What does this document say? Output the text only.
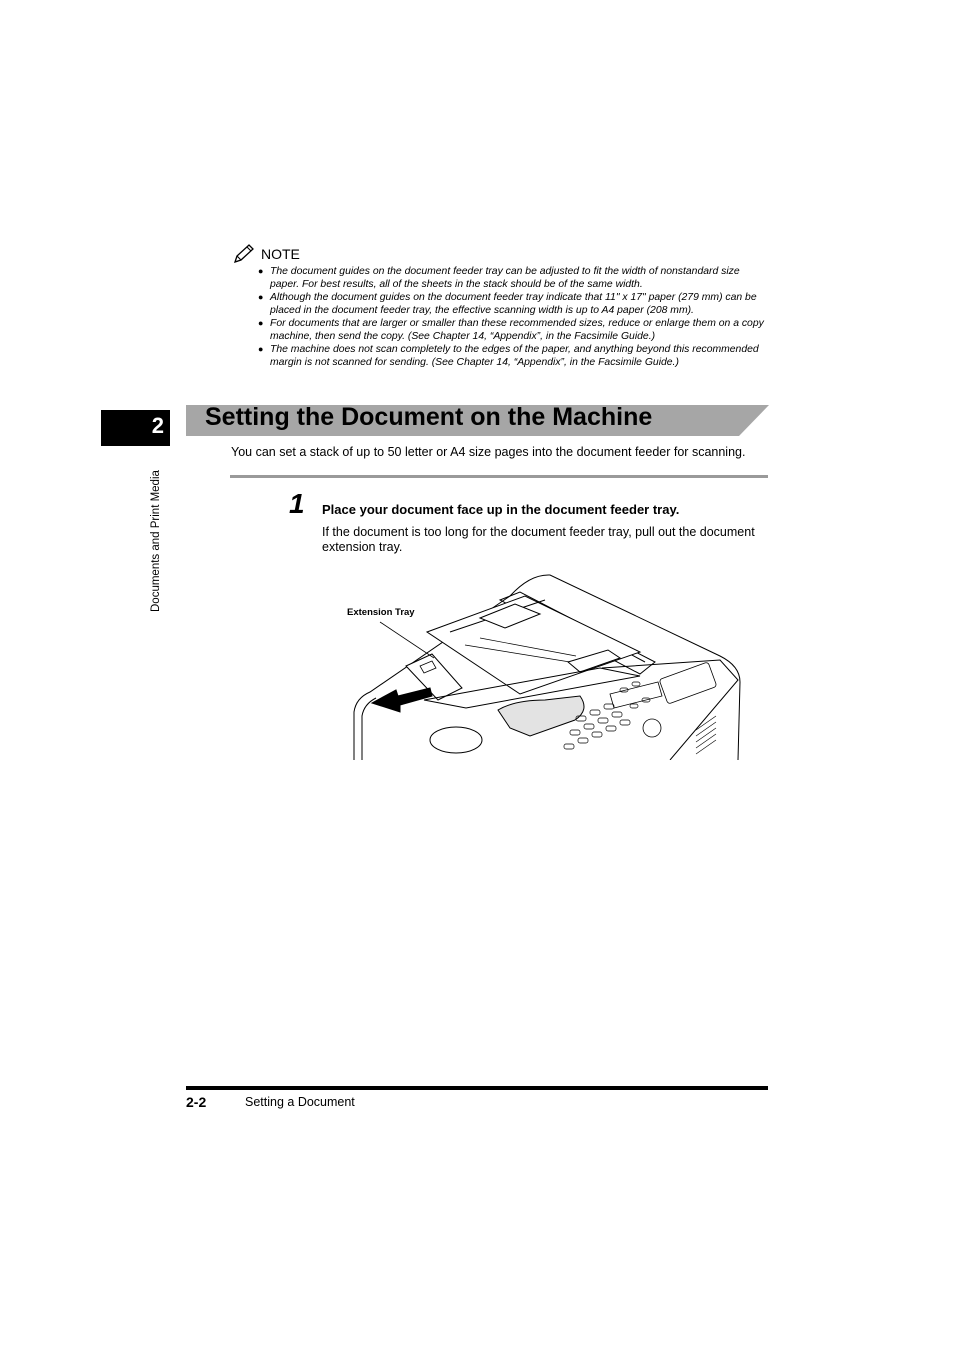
NOTE
● The document guides on the document feeder tray can be adjusted to fit the width of nonstandard size paper. For best results, all of the sheets in the stack should be of the same width.
● Although the document guides on the document feeder tray indicate that 11" x 17" paper (279 mm) can be placed in the document feeder tray, the effective scanning width is up to A4 paper (208 mm).
● For documents that are larger or smaller than these recommended sizes, reduce or enlarge them on a copy machine, then send the copy. (See Chapter 14, “Appendix”, in the Facsimile Guide.)
● The machine does not scan completely to the edges of the paper, and anything beyond this recommended margin is not scanned for sending. (See Chapter 14, “Appendix”, in the Facsimile Guide.)
2
Documents and Print Media
Setting the Document on the Machine
You can set a stack of up to 50 letter or A4 size pages into the document feeder for scanning.
1 Place your document face up in the document feeder tray.
If the document is too long for the document feeder tray, pull out the document extension tray.
Extension Tray
2-2	Setting a Document
